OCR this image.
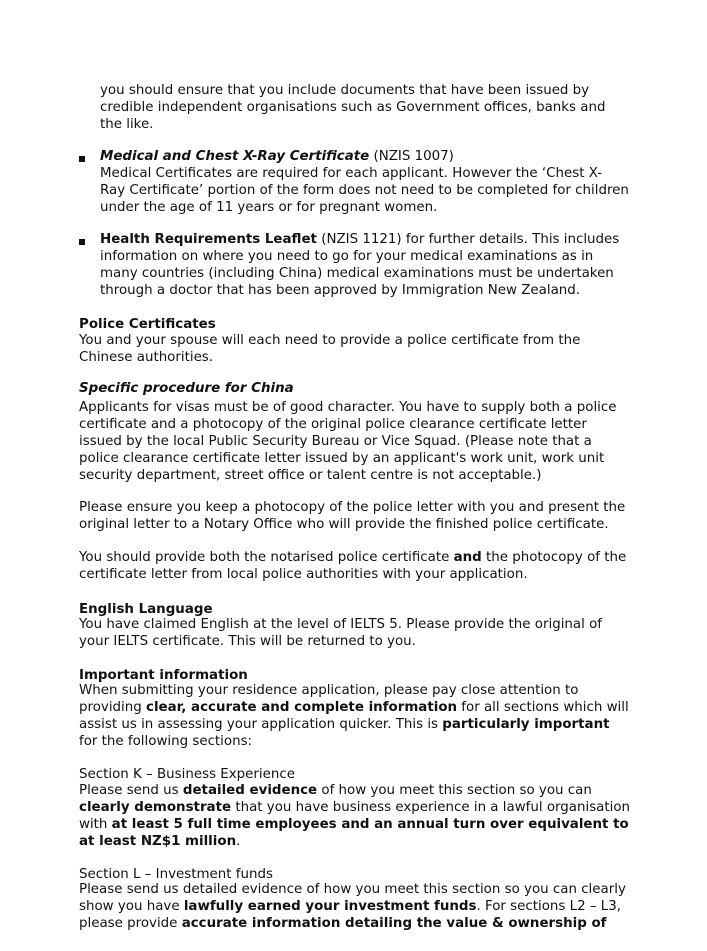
you should ensure that you include documents that have been issued by

credible independent organisations such as Government offices, banks and

the like.

Medical and Chest X-Ray Certificate (NZIS 1007)

Medical Certificates are required for each applicant. However the ‘Chest X-

Ray Certificate’ portion of the form does not need to be completed for children

under the age of 11 years or for pregnant women.

Health Requirements Leaflet (NZIS 1121) for further details. This includes

information on where you need to go for your medical examinations as in

many countries (including China) medical examinations must be undertaken

through a doctor that has been approved by Immigration New Zealand.

Police Certificates

You and your spouse will each need to provide a police certificate from the

Chinese authorities.

Specific procedure for China

Applicants for visas must be of good character. You have to supply both a police

certificate and a photocopy of the original police clearance certificate letter

issued by the local Public Security Bureau or Vice Squad. (Please note that a

police clearance certificate letter issued by an applicant's work unit, work unit

security department, street office or talent centre is not acceptable.)

Please ensure you keep a photocopy of the police letter with you and present the

original letter to a Notary Office who will provide the finished police certificate.

You should provide both the notarised police certificate and the photocopy of the

certificate letter from local police authorities with your application.

English Language

You have claimed English at the level of IELTS 5. Please provide the original of

your IELTS certificate. This will be returned to you.

Important information

When submitting your residence application, please pay close attention to

providing clear, accurate and complete information for all sections which will

assist us in assessing your application quicker. This is particularly important

for the following sections:

Section K – Business Experience

Please send us detailed evidence of how you meet this section so you can

clearly demonstrate that you have business experience in a lawful organisation

with at least 5 full time employees and an annual turn over equivalent to

at least NZ$1 million.

Section L – Investment funds

Please send us detailed evidence of how you meet this section so you can clearly

show you have lawfully earned your investment funds. For sections L2 – L3,

please provide accurate information detailing the value & ownership of
